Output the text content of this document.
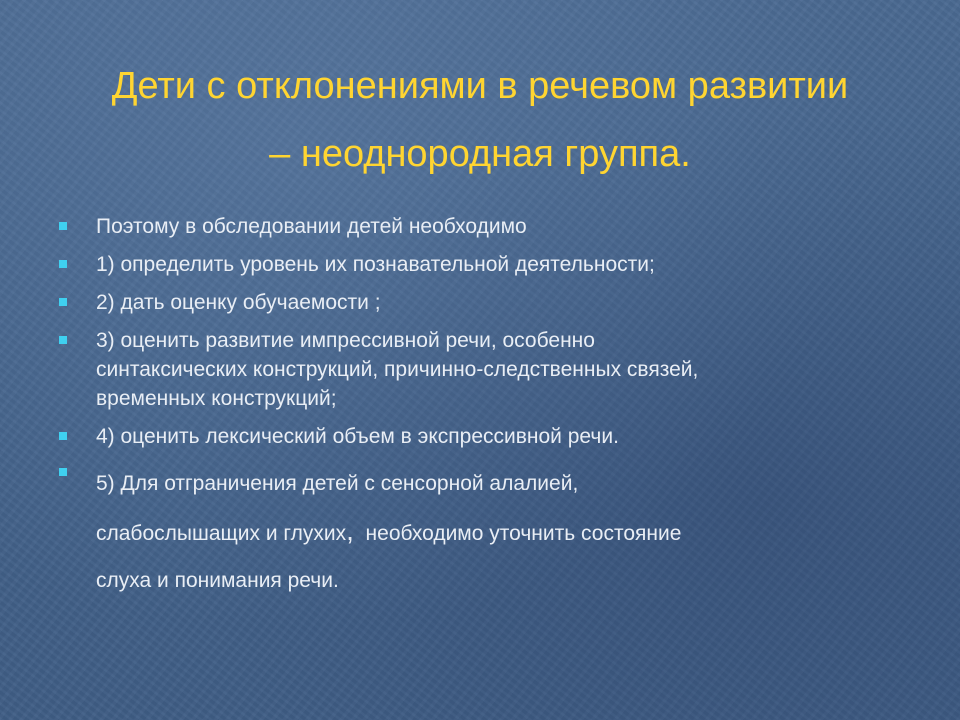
Дети с отклонениями в речевом развитии
– неоднородная группа.
Поэтому в обследовании детей необходимо
1) определить уровень их познавательной деятельности;
2) дать оценку обучаемости ;
3) оценить развитие импрессивной речи, особенно
синтаксических конструкций, причинно-следственных связей,
временных конструкций;
4) оценить лексический объем в экспрессивной речи.
5) Для отграничения детей с сенсорной алалией,
слабослышащих и глухих,  необходимо уточнить состояние
слуха и понимания речи.
